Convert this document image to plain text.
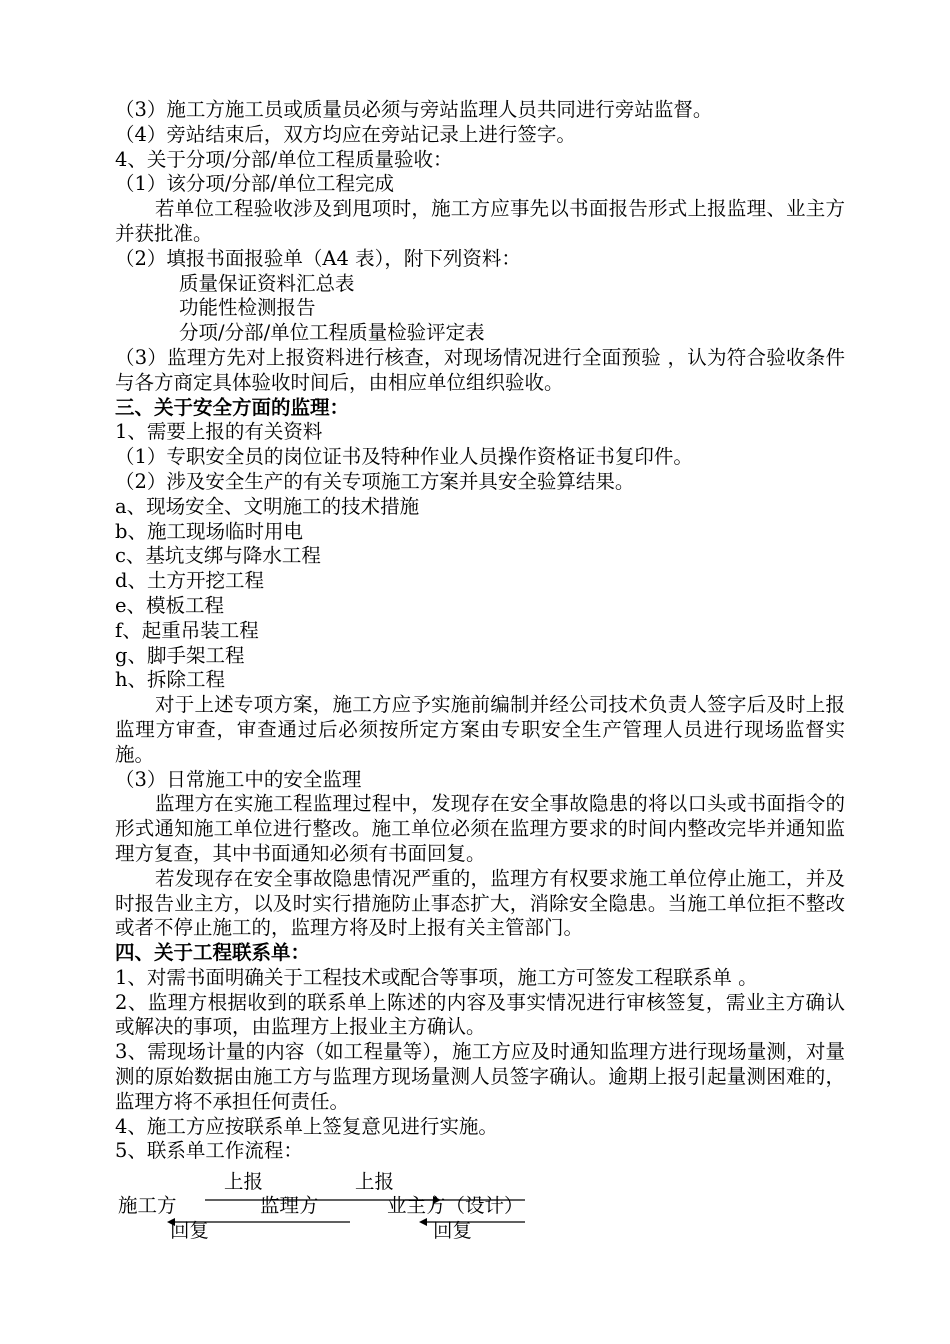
（3）施工方施工员或质量员必须与旁站监理人员共同进行旁站监督。
（4）旁站结束后，双方均应在旁站记录上进行签字。
4、关于分项/分部/单位工程质量验收：
（1）该分项/分部/单位工程完成
若单位工程验收涉及到甩项时，施工方应事先以书面报告形式上报监理、业主方并获批准。
（2）填报书面报验单（A4 表），附下列资料：
质量保证资料汇总表
功能性检测报告
分项/分部/单位工程质量检验评定表
（3）监理方先对上报资料进行核查，对现场情况进行全面预验 ，认为符合验收条件与各方商定具体验收时间后，由相应单位组织验收。
三、关于安全方面的监理：
1、需要上报的有关资料
（1）专职安全员的岗位证书及特种作业人员操作资格证书复印件。
（2）涉及安全生产的有关专项施工方案并具安全验算结果。
a、现场安全、文明施工的技术措施
b、施工现场临时用电
c、基坑支绑与降水工程
d、土方开挖工程
e、模板工程
f、起重吊装工程
g、脚手架工程
h、拆除工程
对于上述专项方案，施工方应予实施前编制并经公司技术负责人签字后及时上报监理方审查，审查通过后必须按所定方案由专职安全生产管理人员进行现场监督实施。
（3）日常施工中的安全监理
监理方在实施工程监理过程中，发现存在安全事故隐患的将以口头或书面指令的形式通知施工单位进行整改。施工单位必须在监理方要求的时间内整改完毕并通知监理方复查，其中书面通知必须有书面回复。
若发现存在安全事故隐患情况严重的，监理方有权要求施工单位停止施工，并及时报告业主方，以及时实行措施防止事态扩大，消除安全隐患。当施工单位拒不整改或者不停止施工的，监理方将及时上报有关主管部门。
四、关于工程联系单：
1、对需书面明确关于工程技术或配合等事项，施工方可签发工程联系单 。
2、监理方根据收到的联系单上陈述的内容及事实情况进行审核签复，需业主方确认或解决的事项，由监理方上报业主方确认。
3、需现场计量的内容（如工程量等），施工方应及时通知监理方进行现场量测，对量测的原始数据由施工方与监理方现场量测人员签字确认。逾期上报引起量测困难的，监理方将不承担任何责任。
4、施工方应按联系单上签复意见进行实施。
5、联系单工作流程：
上报	上报
施工方	监理方	业主方（设计）
回复	回复
